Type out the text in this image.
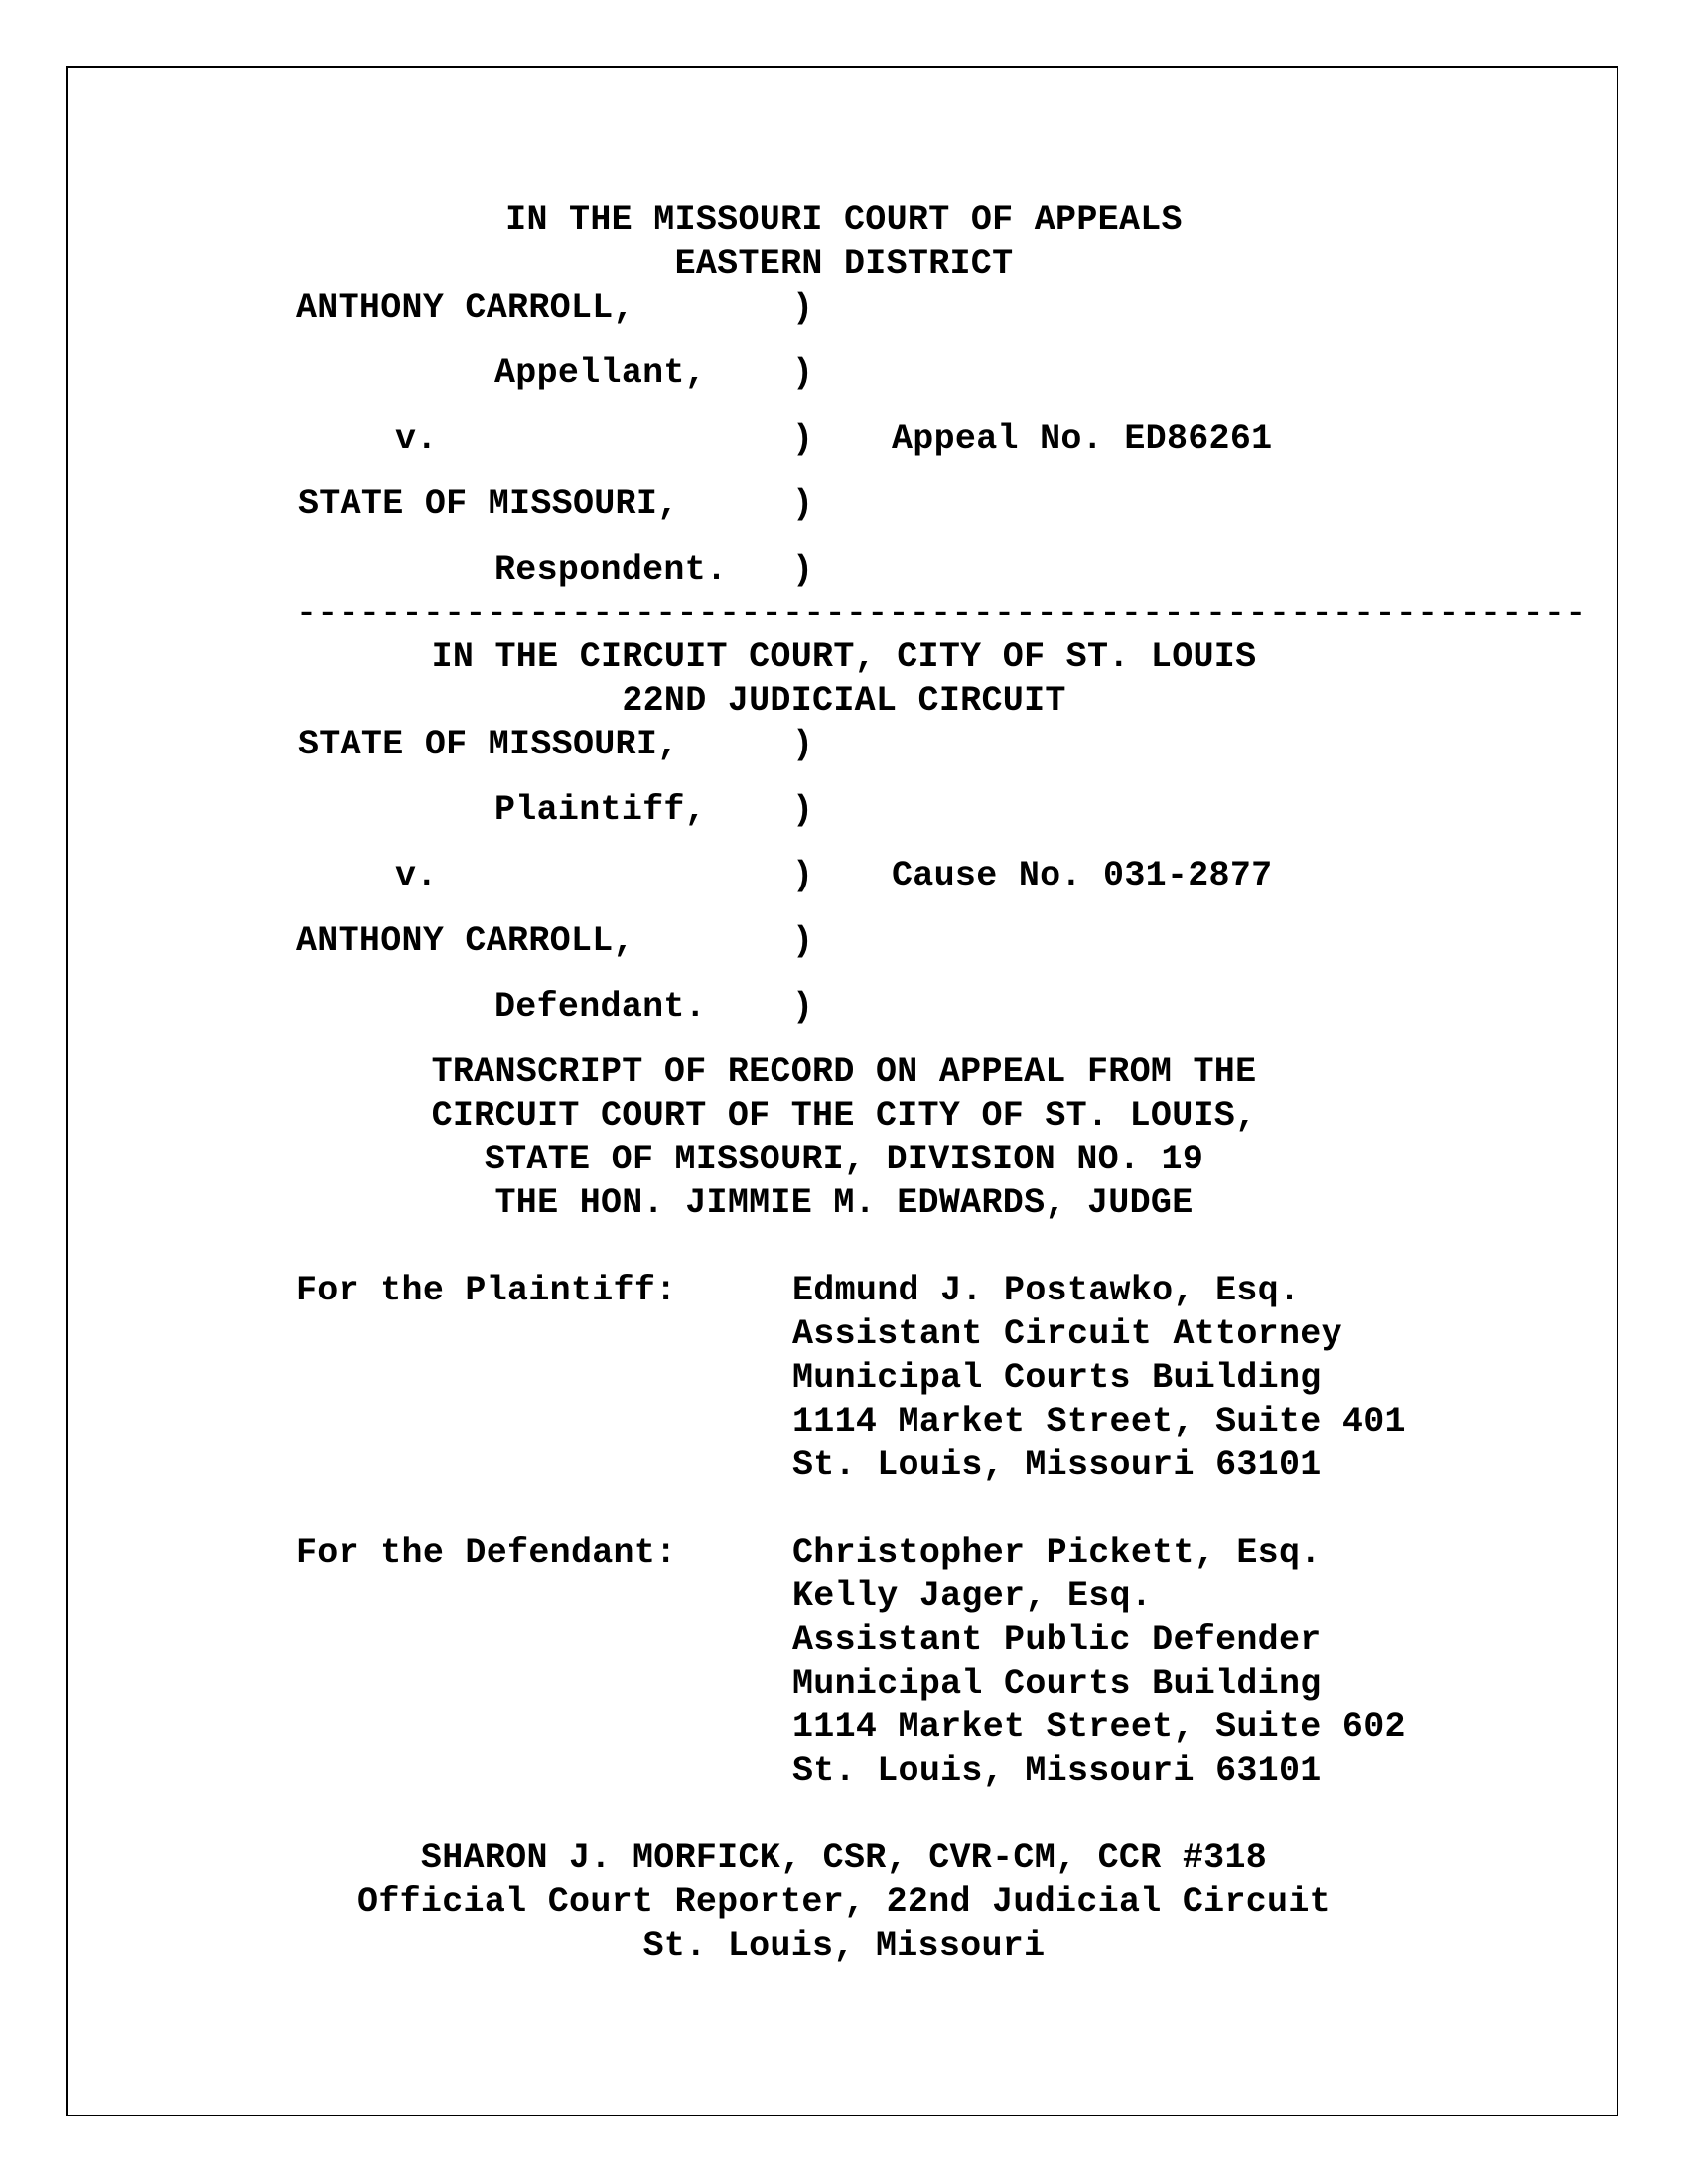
IN THE MISSOURI COURT OF APPEALS
EASTERN DISTRICT
ANTHONY CARROLL,	)
Appellant, )
v.	) Appeal No. ED86261
STATE OF MISSOURI,	)
Respondent. )
-------------------------------------------------------------
IN THE CIRCUIT COURT, CITY OF ST. LOUIS
22ND JUDICIAL CIRCUIT
STATE OF MISSOURI,	)
Plaintiff, )
v.	) Cause No. 031-2877
ANTHONY CARROLL,	)
Defendant. )
TRANSCRIPT OF RECORD ON APPEAL FROM THE
CIRCUIT COURT OF THE CITY OF ST. LOUIS,
STATE OF MISSOURI, DIVISION NO. 19
THE HON. JIMMIE M. EDWARDS, JUDGE
For the Plaintiff:	Edmund J. Postawko, Esq.
Assistant Circuit Attorney
Municipal Courts Building
1114 Market Street, Suite 401
St. Louis, Missouri 63101
For the Defendant:	Christopher Pickett, Esq.
Kelly Jager, Esq.
Assistant Public Defender
Municipal Courts Building
1114 Market Street, Suite 602
St. Louis, Missouri 63101
SHARON J. MORFICK, CSR, CVR-CM, CCR #318
Official Court Reporter, 22nd Judicial Circuit
St. Louis, Missouri
